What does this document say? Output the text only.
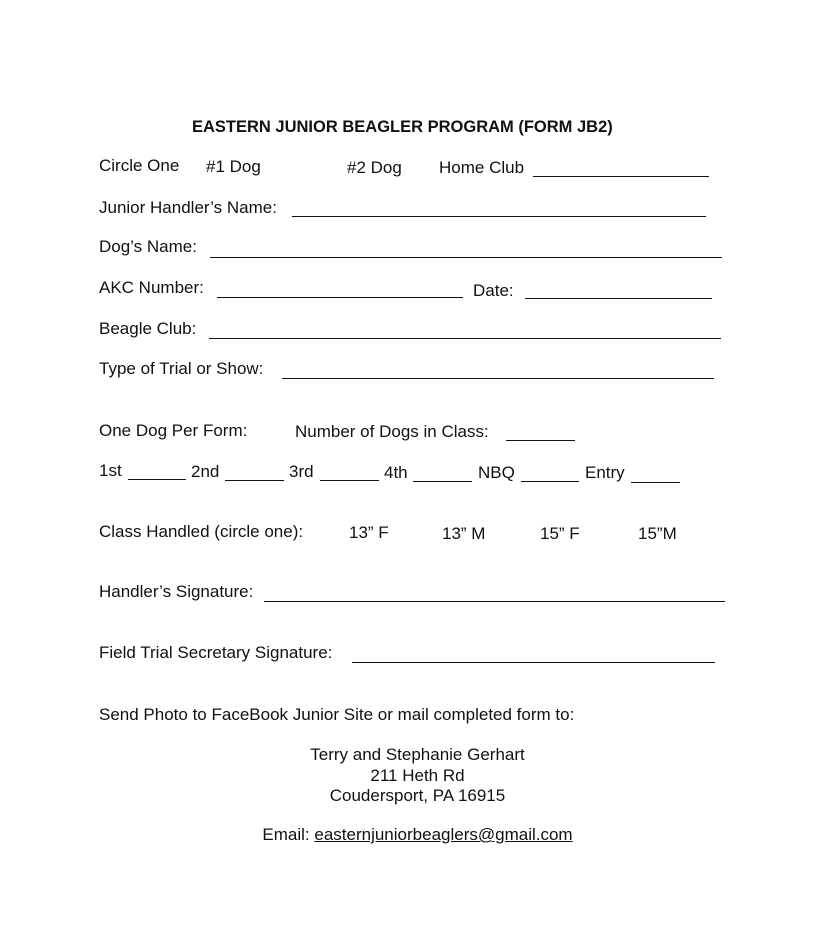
EASTERN JUNIOR BEAGLER PROGRAM (FORM JB2)
Circle One #1 Dog	#2 Dog Home Club
Junior Handler’s Name:
Dog’s Name:
AKC Number:	Date:
Beagle Club:
Type of Trial or Show:
One Dog Per Form:	Number of Dogs in Class:
1st	2nd	3rd	4th	NBQ	Entry
Class Handled (circle one):	13” F	13” M	15” F	15”M
Handler’s Signature:
Field Trial Secretary Signature:
Send Photo to FaceBook Junior Site or mail completed form to:
Terry and Stephanie Gerhart
211 Heth Rd
Coudersport, PA 16915
Email: easternjuniorbeaglers@gmail.com
